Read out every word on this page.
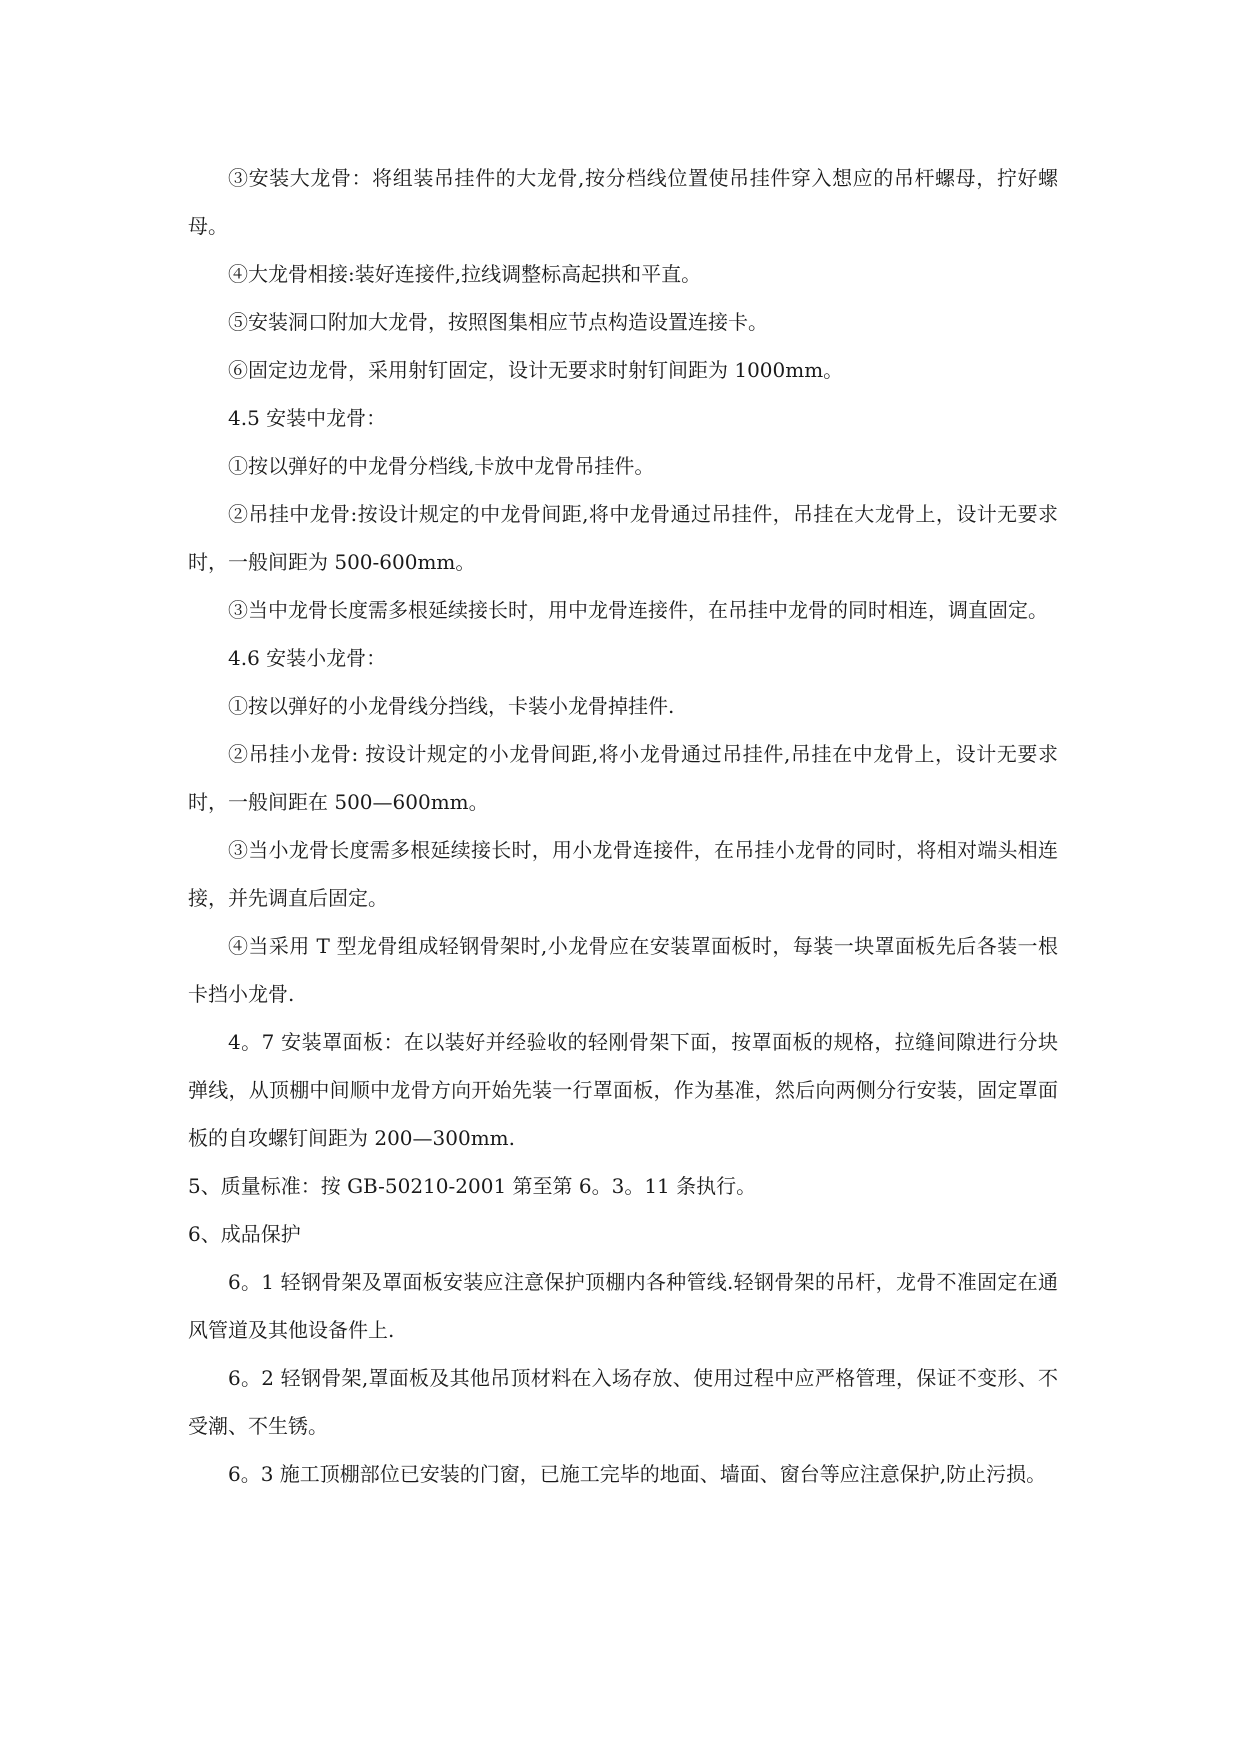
③安装大龙骨：将组装吊挂件的大龙骨,按分档线位置使吊挂件穿入想应的吊杆螺母，拧好螺母。

④大龙骨相接:装好连接件,拉线调整标高起拱和平直。

⑤安装洞口附加大龙骨，按照图集相应节点构造设置连接卡。

⑥固定边龙骨，采用射钉固定，设计无要求时射钉间距为 1000mm。

4.5 安装中龙骨：

①按以弹好的中龙骨分档线,卡放中龙骨吊挂件。

②吊挂中龙骨:按设计规定的中龙骨间距,将中龙骨通过吊挂件，吊挂在大龙骨上，设计无要求时，一般间距为 500-600mm。

③当中龙骨长度需多根延续接长时，用中龙骨连接件，在吊挂中龙骨的同时相连，调直固定。

4.6 安装小龙骨：

①按以弹好的小龙骨线分挡线，卡装小龙骨掉挂件.

②吊挂小龙骨: 按设计规定的小龙骨间距,将小龙骨通过吊挂件,吊挂在中龙骨上，设计无要求时，一般间距在 500—600mm。

③当小龙骨长度需多根延续接长时，用小龙骨连接件，在吊挂小龙骨的同时，将相对端头相连接，并先调直后固定。

④当采用 T 型龙骨组成轻钢骨架时,小龙骨应在安装罩面板时，每装一块罩面板先后各装一根卡挡小龙骨.

4。7 安装罩面板：在以装好并经验收的轻刚骨架下面，按罩面板的规格，拉缝间隙进行分块弹线，从顶棚中间顺中龙骨方向开始先装一行罩面板，作为基准，然后向两侧分行安装，固定罩面板的自攻螺钉间距为 200—300mm.

5、质量标准：按 GB-50210-2001 第至第 6。3。11 条执行。

6、成品保护

6。1 轻钢骨架及罩面板安装应注意保护顶棚内各种管线.轻钢骨架的吊杆，龙骨不准固定在通风管道及其他设备件上.

6。2 轻钢骨架,罩面板及其他吊顶材料在入场存放、使用过程中应严格管理，保证不变形、不受潮、不生锈。

6。3 施工顶棚部位已安装的门窗，已施工完毕的地面、墙面、窗台等应注意保护,防止污损。
